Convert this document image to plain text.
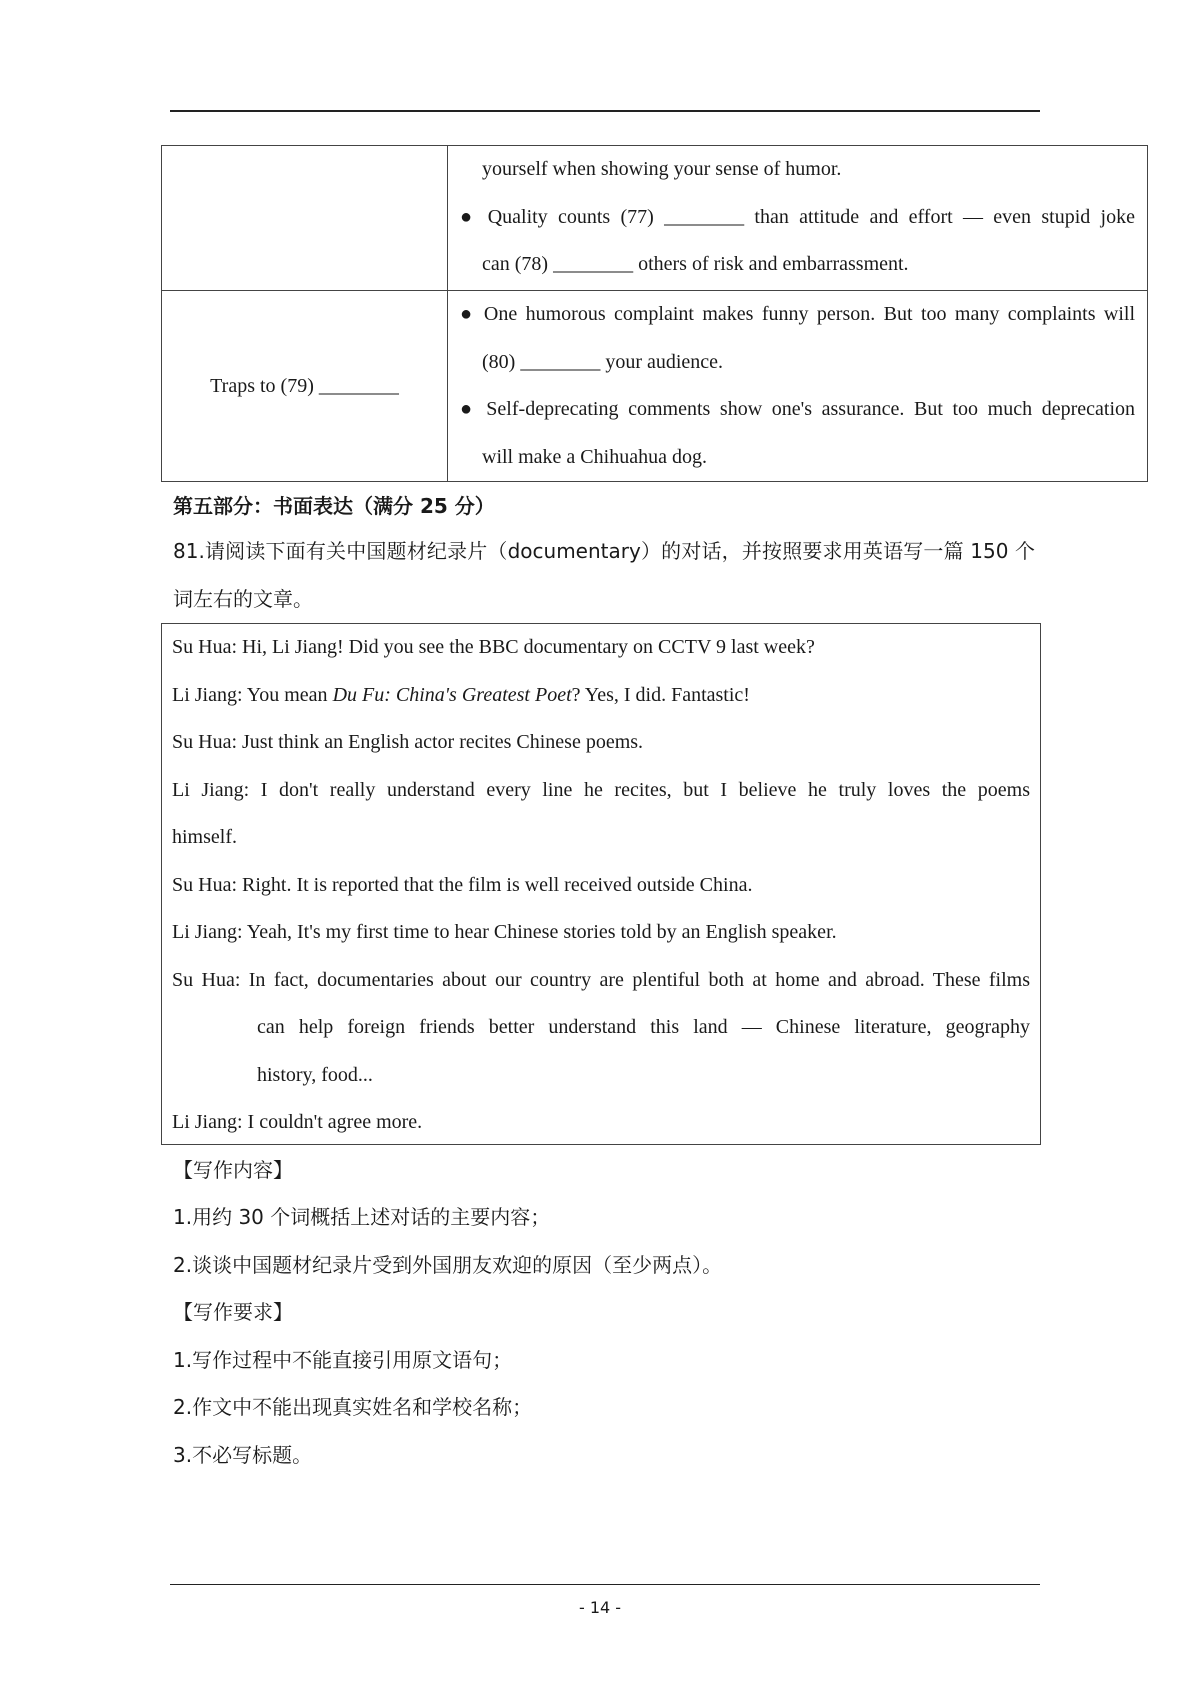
	yourself when showing your sense of humor.
● Quality counts (77) ________ than attitude and effort — even stupid joke
can (78) ________ others of risk and embarrassment.

Traps to (79) ________	● One humorous complaint makes funny person. But too many complaints will
(80) ________ your audience.
● Self-deprecating comments show one's assurance. But too much deprecation
will make a Chihuahua dog.
第五部分：书面表达（满分 25 分）
81.请阅读下面有关中国题材纪录片（documentary）的对话，并按照要求用英语写一篇 150 个词左右的文章。
Su Hua: Hi, Li Jiang! Did you see the BBC documentary on CCTV 9 last week?
Li Jiang: You mean Du Fu: China's Greatest Poet? Yes, I did. Fantastic!
Su Hua: Just think an English actor recites Chinese poems.
Li Jiang: I don't really understand every line he recites, but I believe he truly loves the poems
himself.
Su Hua: Right. It is reported that the film is well received outside China.
Li Jiang: Yeah, It's my first time to hear Chinese stories told by an English speaker.
Su Hua: In fact, documentaries about our country are plentiful both at home and abroad. These films
can help foreign friends better understand this land — Chinese literature, geography
history, food...
Li Jiang: I couldn't agree more.
【写作内容】
1.用约 30 个词概括上述对话的主要内容；
2.谈谈中国题材纪录片受到外国朋友欢迎的原因（至少两点）。
【写作要求】
1.写作过程中不能直接引用原文语句；
2.作文中不能出现真实姓名和学校名称；
3.不必写标题。
- 14 -
